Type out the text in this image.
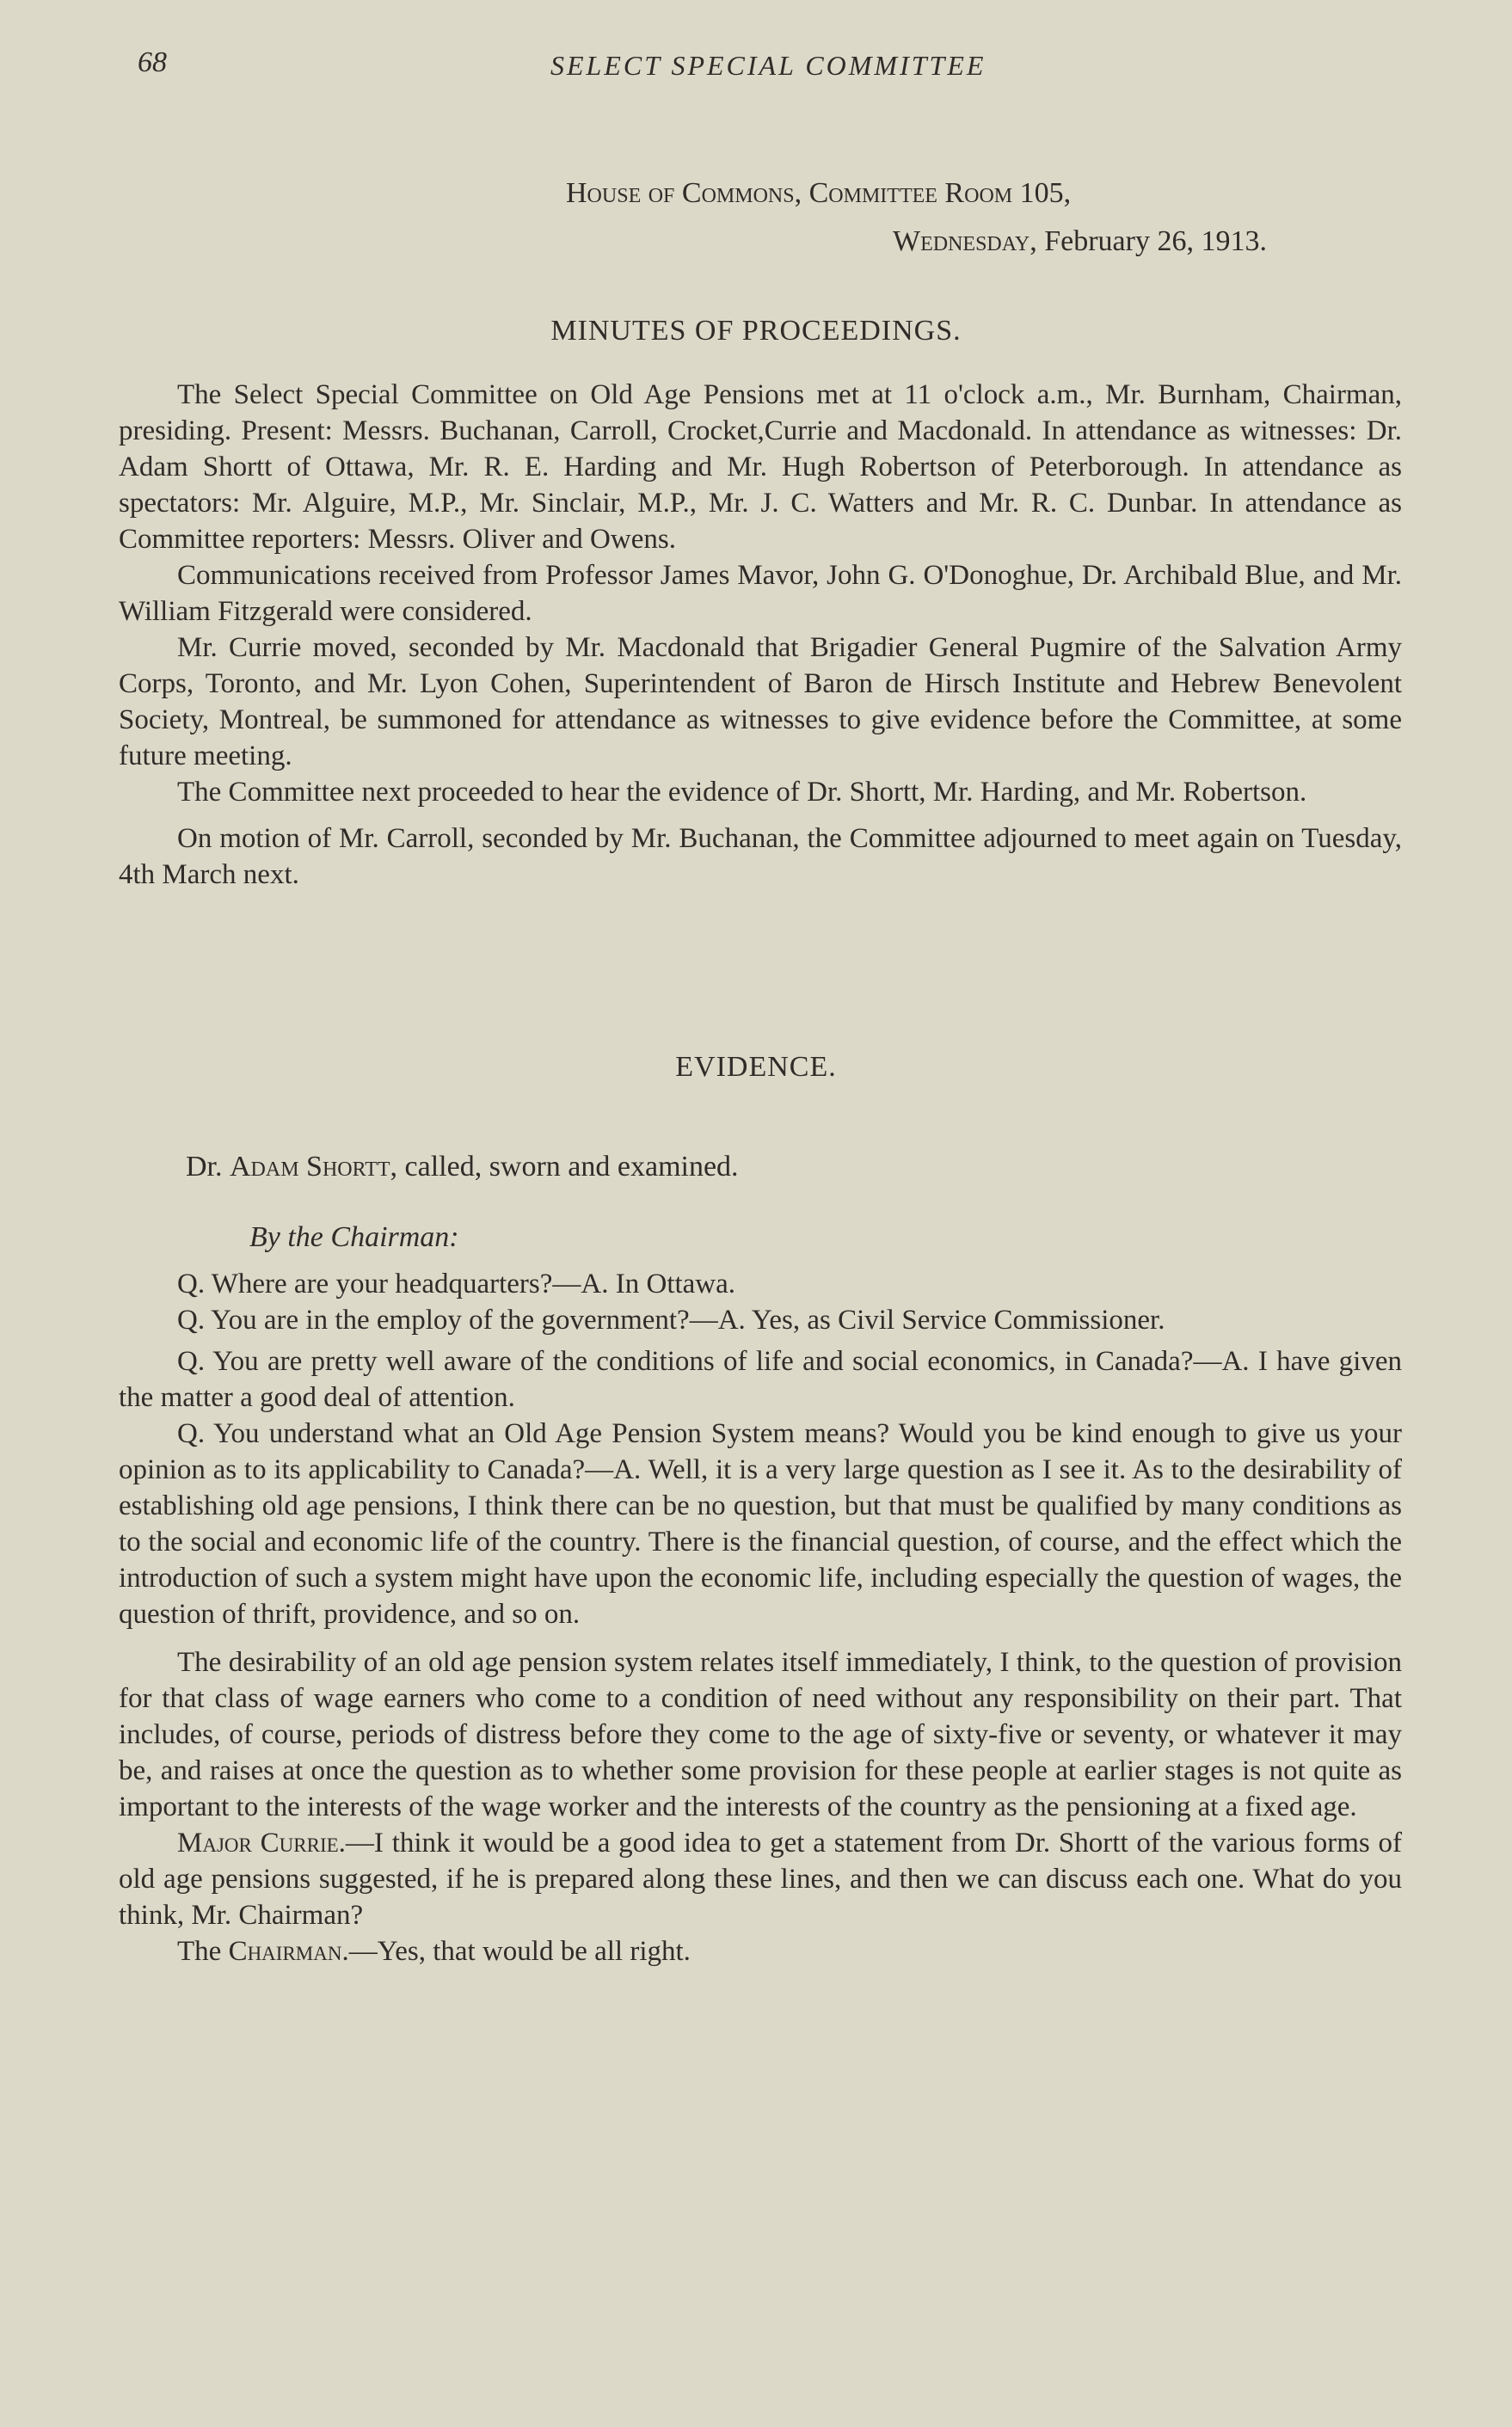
68	SELECT SPECIAL COMMITTEE
House of Commons, Committee Room 105,
Wednesday, February 26, 1913.
MINUTES OF PROCEEDINGS.

The Select Special Committee on Old Age Pensions met at 11 o'clock a.m., Mr. Burnham, Chairman, presiding. Present: Messrs. Buchanan, Carroll, Crocket,Currie and Macdonald. In attendance as witnesses: Dr. Adam Shortt of Ottawa, Mr. R. E. Harding and Mr. Hugh Robertson of Peterborough. In attendance as spectators: Mr. Alguire, M.P., Mr. Sinclair, M.P., Mr. J. C. Watters and Mr. R. C. Dunbar. In attendance as Committee reporters: Messrs. Oliver and Owens.

Communications received from Professor James Mavor, John G. O'Donoghue, Dr. Archibald Blue, and Mr. William Fitzgerald were considered.

Mr. Currie moved, seconded by Mr. Macdonald that Brigadier General Pugmire of the Salvation Army Corps, Toronto, and Mr. Lyon Cohen, Superintendent of Baron de Hirsch Institute and Hebrew Benevolent Society, Montreal, be summoned for attendance as witnesses to give evidence before the Committee, at some future meeting.

The Committee next proceeded to hear the evidence of Dr. Shortt, Mr. Harding, and Mr. Robertson.

On motion of Mr. Carroll, seconded by Mr. Buchanan, the Committee adjourned to meet again on Tuesday, 4th March next.

EVIDENCE.
Dr. Adam Shortt, called, sworn and examined.
By the Chairman:

Q. Where are your headquarters?—A. In Ottawa.

Q. You are in the employ of the government?—A. Yes, as Civil Service Commissioner.

Q. You are pretty well aware of the conditions of life and social economics, in Canada?—A. I have given the matter a good deal of attention.

Q. You understand what an Old Age Pension System means? Would you be kind enough to give us your opinion as to its applicability to Canada?—A. Well, it is a very large question as I see it. As to the desirability of establishing old age pensions, I think there can be no question, but that must be qualified by many conditions as to the social and economic life of the country. There is the financial question, of course, and the effect which the introduction of such a system might have upon the economic life, including especially the question of wages, the question of thrift, providence, and so on.

The desirability of an old age pension system relates itself immediately, I think, to the question of provision for that class of wage earners who come to a condition of need without any responsibility on their part. That includes, of course, periods of distress before they come to the age of sixty-five or seventy, or whatever it may be, and raises at once the question as to whether some provision for these people at earlier stages is not quite as important to the interests of the wage worker and the interests of the country as the pensioning at a fixed age.

Major Currie.—I think it would be a good idea to get a statement from Dr. Shortt of the various forms of old age pensions suggested, if he is prepared along these lines, and then we can discuss each one. What do you think, Mr. Chairman?

The Chairman.—Yes, that would be all right.
